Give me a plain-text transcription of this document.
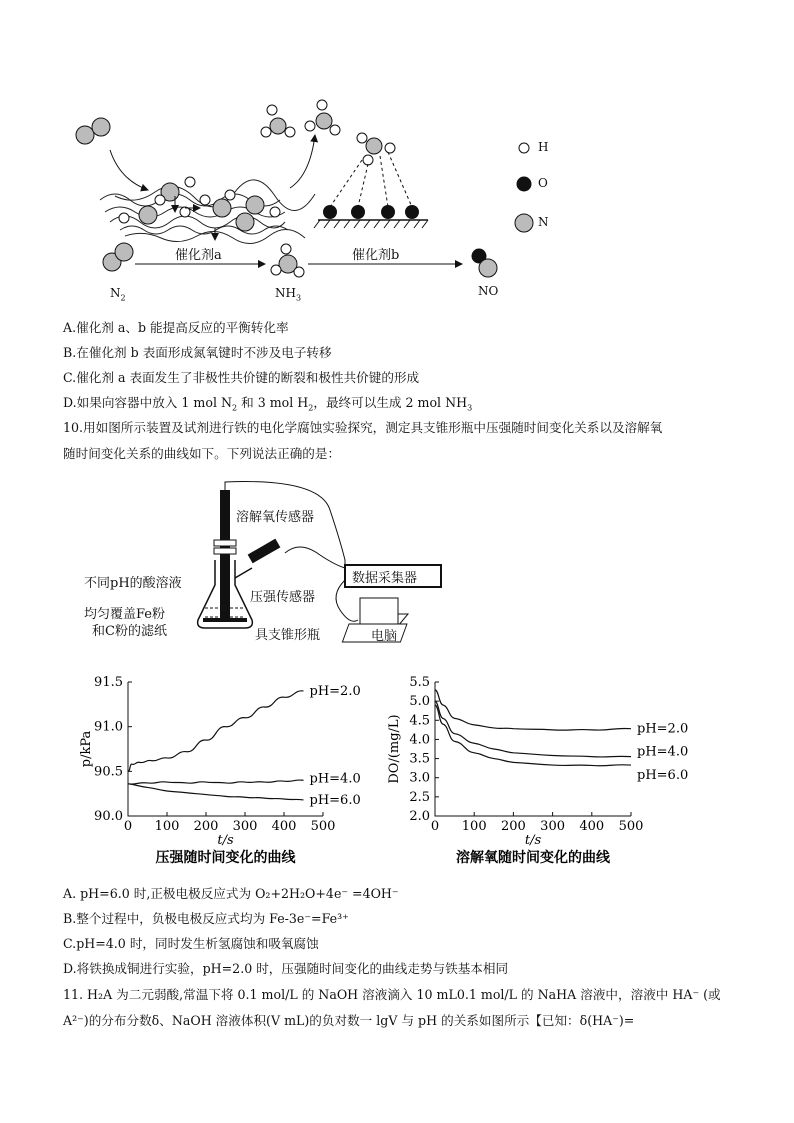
H
O
N
催化剂a	催化剂b
$N_2$	$NH_3$	NO
A.催化剂 a、b 能提高反应的平衡转化率
B.在催化剂 b 表面形成氮氧键时不涉及电子转移
C.催化剂 a 表面发生了非极性共价键的断裂和极性共价键的形成
D.如果向容器中放入 1 mol $N_2$ 和 3 mol $H_2$，最终可以生成 2 mol $NH_3$
10.用如图所示装置及试剂进行铁的电化学腐蚀实验探究，测定具支锥形瓶中压强随时间变化关系以及溶解氧
随时间变化关系的曲线如下。下列说法正确的是：
溶解氧传感器
不同pH的酸溶液
压强传感器
数据采集器
均匀覆盖Fe粉
和C粉的滤纸	具支锥形瓶	电脑
0 100 200 300 400 500
90.0
90.5
91.0
91.5
t/s
p/kPa
压强随时间变化的曲线
pH=2.0
pH=4.0
pH=6.0
0 100 200 300 400 500
2.0
2.5
3.0
3.5
4.0
4.5
5.0
5.5
t/s
DO/(mg/L)
溶解氧随时间变化的曲线
pH=2.0
pH=4.0
pH=6.0
A. pH=6.0 时,正极电极反应式为 O₂+2H₂O+4e⁻ =4OH⁻
B.整个过程中，负极电极反应式均为 Fe-3e⁻=Fe³⁺
C.pH=4.0 时，同时发生析氢腐蚀和吸氧腐蚀
D.将铁换成铜进行实验，pH=2.0 时，压强随时间变化的曲线走势与铁基本相同
11. H₂A 为二元弱酸,常温下将 0.1 mol/L 的 NaOH 溶液滴入 10 mL0.1 mol/L 的 NaHA 溶液中，溶液中 HA⁻ (或
A²⁻)的分布分数δ、NaOH 溶液体积(V mL)的负对数一 lgV 与 pH 的关系如图所示【已知：δ(HA⁻)=
